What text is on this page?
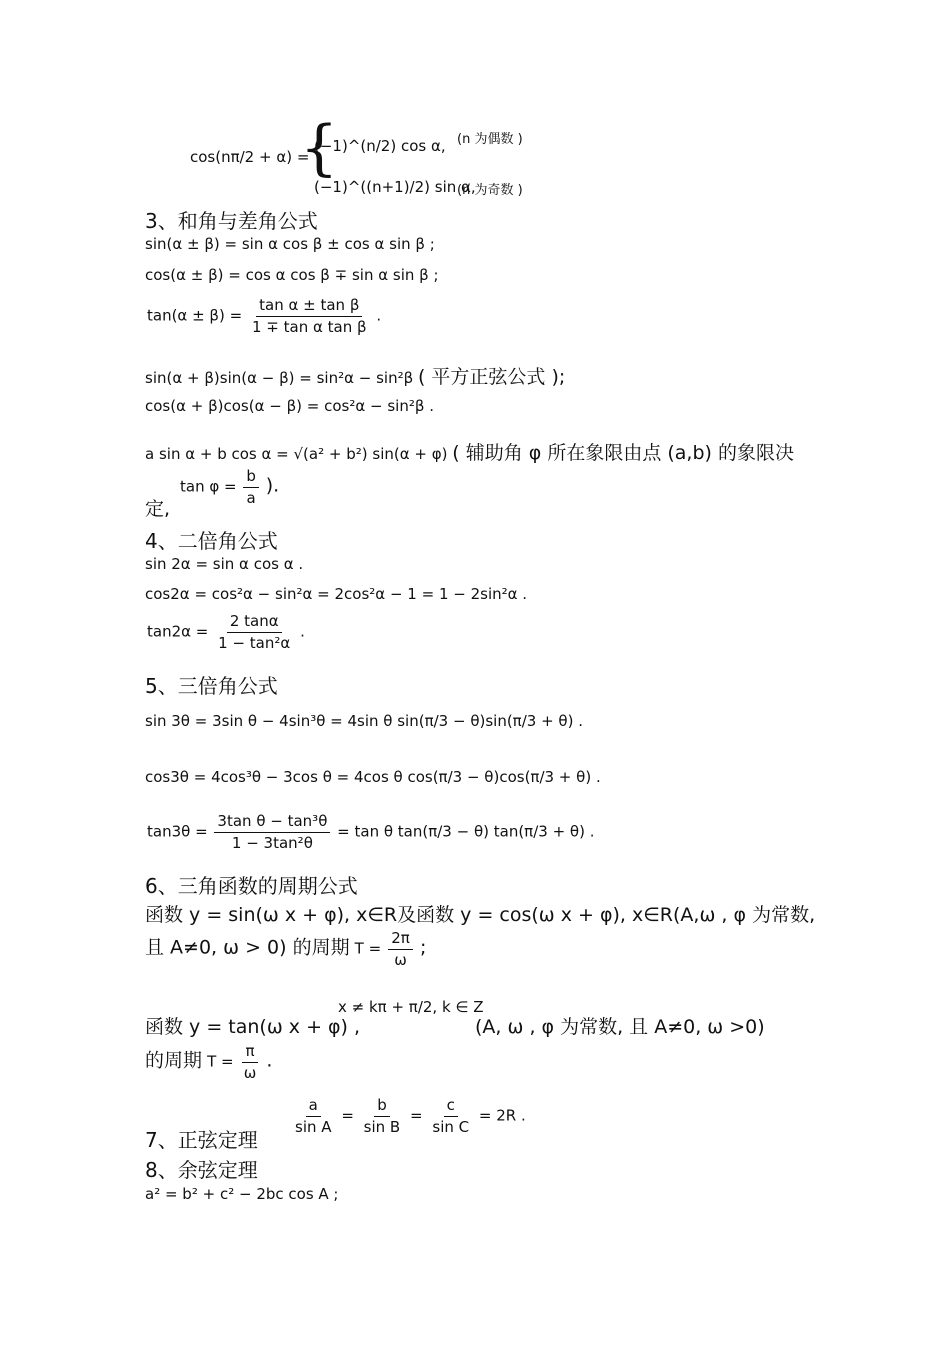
cos(nπ/2 + α) =
{
(−1)^(n/2) cos α, (n 为偶数 )
(−1)^((n+1)/2) sin α,
(n 为奇数 )
3、和角与差角公式
sin(α ± β) = sin α cos β ± cos α sin β ;
cos(α ± β) = cos α cos β ∓ sin α sin β ;
$\tan(\alpha \pm \beta) = \frac{\text{tan α ± tan β}}{\text{1 ∓ tan α tan β}}$ .
sin(α + β)sin(α − β) = sin²α − sin²β ( 平方正弦公式 );
cos(α + β)cos(α − β) = cos²α − sin²β .
a sin α + b cos α = √(a² + b²) sin(α + φ) ( 辅助角 φ 所在象限由点 (a,b) 的象限决
定,
$\tan \varphi = \frac{b}{a}$ ).
4、二倍角公式
sin 2α = sin α cos α .
cos2α = cos²α − sin²α = 2cos²α − 1 = 1 − 2sin²α .
$\tan 2\alpha = \frac{2 \tan\alpha}{\text{1 − tan²α}}$ .
5、三倍角公式
sin 3θ = 3sin θ − 4sin³θ = 4sin θ sin(π/3 − θ)sin(π/3 + θ) .
cos3θ = 4cos³θ − 3cos θ = 4cos θ cos(π/3 − θ)cos(π/3 + θ) .
$\tan 3\theta = \frac{\text{3tan θ − tan³θ}}{\text{1 − 3tan²θ}} = \tan \theta$ tan(π/3 − θ) tan(π/3 + θ) .
6、三角函数的周期公式
函数 y = sin(ω x + φ), x∈R及函数 y = cos(ω x + φ), x∈R(A,ω , φ 为常数,
且 A≠0, ω > 0) 的周期 $T = \frac{2\pi}{\omega}$ ;
函数 y = tan(ω x + φ) ,
x ≠ kπ + π/2, k ∈ Z
(A, ω , φ 为常数, 且 A≠0, ω >0)
的周期 $T = \frac{\pi}{\omega}$ .
7、正弦定理
$\frac{a}{\text{sin A}} = \frac{b}{\text{sin B}} = \frac{c}{\text{sin C}} = 2R$ .
8、余弦定理
a² = b² + c² − 2bc cos A ;
